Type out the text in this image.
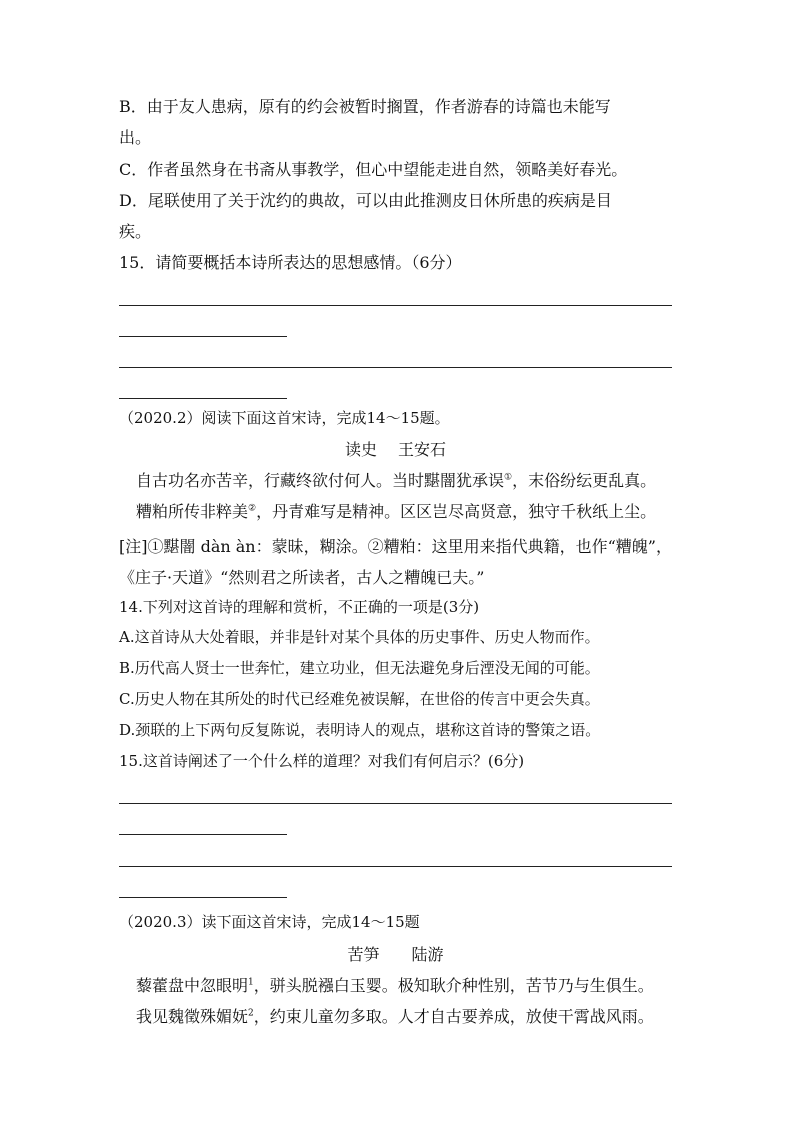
B．由于友人患病，原有的约会被暂时搁置，作者游春的诗篇也未能写
出。
C．作者虽然身在书斋从事教学，但心中望能走进自然，领略美好春光。
D．尾联使用了关于沈约的典故，可以由此推测皮日休所患的疾病是目
疾。
15．请简要概括本诗所表达的思想感情。（6分）
（2020.2）阅读下面这首宋诗，完成14～15题。
读史　 王安石
自古功名亦苦辛，行藏终欲付何人。当时黮闇犹承误①，末俗纷纭更乱真。
糟粕所传非粹美②，丹青难写是精神。区区岂尽高贤意，独守千秋纸上尘。
[注]①黮闇 dàn àn：蒙昧，糊涂。②糟粕：这里用来指代典籍，也作“糟魄”，
《庄子·天道》“然则君之所读者，古人之糟魄已夫。”
14.下列对这首诗的理解和赏析，不正确的一项是(3分)
A.这首诗从大处着眼，并非是针对某个具体的历史事件、历史人物而作。
B.历代高人贤士一世奔忙，建立功业，但无法避免身后湮没无闻的可能。
C.历史人物在其所处的时代已经难免被误解，在世俗的传言中更会失真。
D.颈联的上下两句反复陈说，表明诗人的观点，堪称这首诗的警策之语。
15.这首诗阐述了一个什么样的道理？对我们有何启示？(6分)
（2020.3）读下面这首宋诗，完成14～15题
苦笋　　陆游
藜藿盘中忽眼明$^1$，骈头脱襁白玉婴。极知耿介种性别，苦节乃与生俱生。
我见魏徵殊媚妩$^2$，约束儿童勿多取。人才自古要养成，放使干霄战风雨。
